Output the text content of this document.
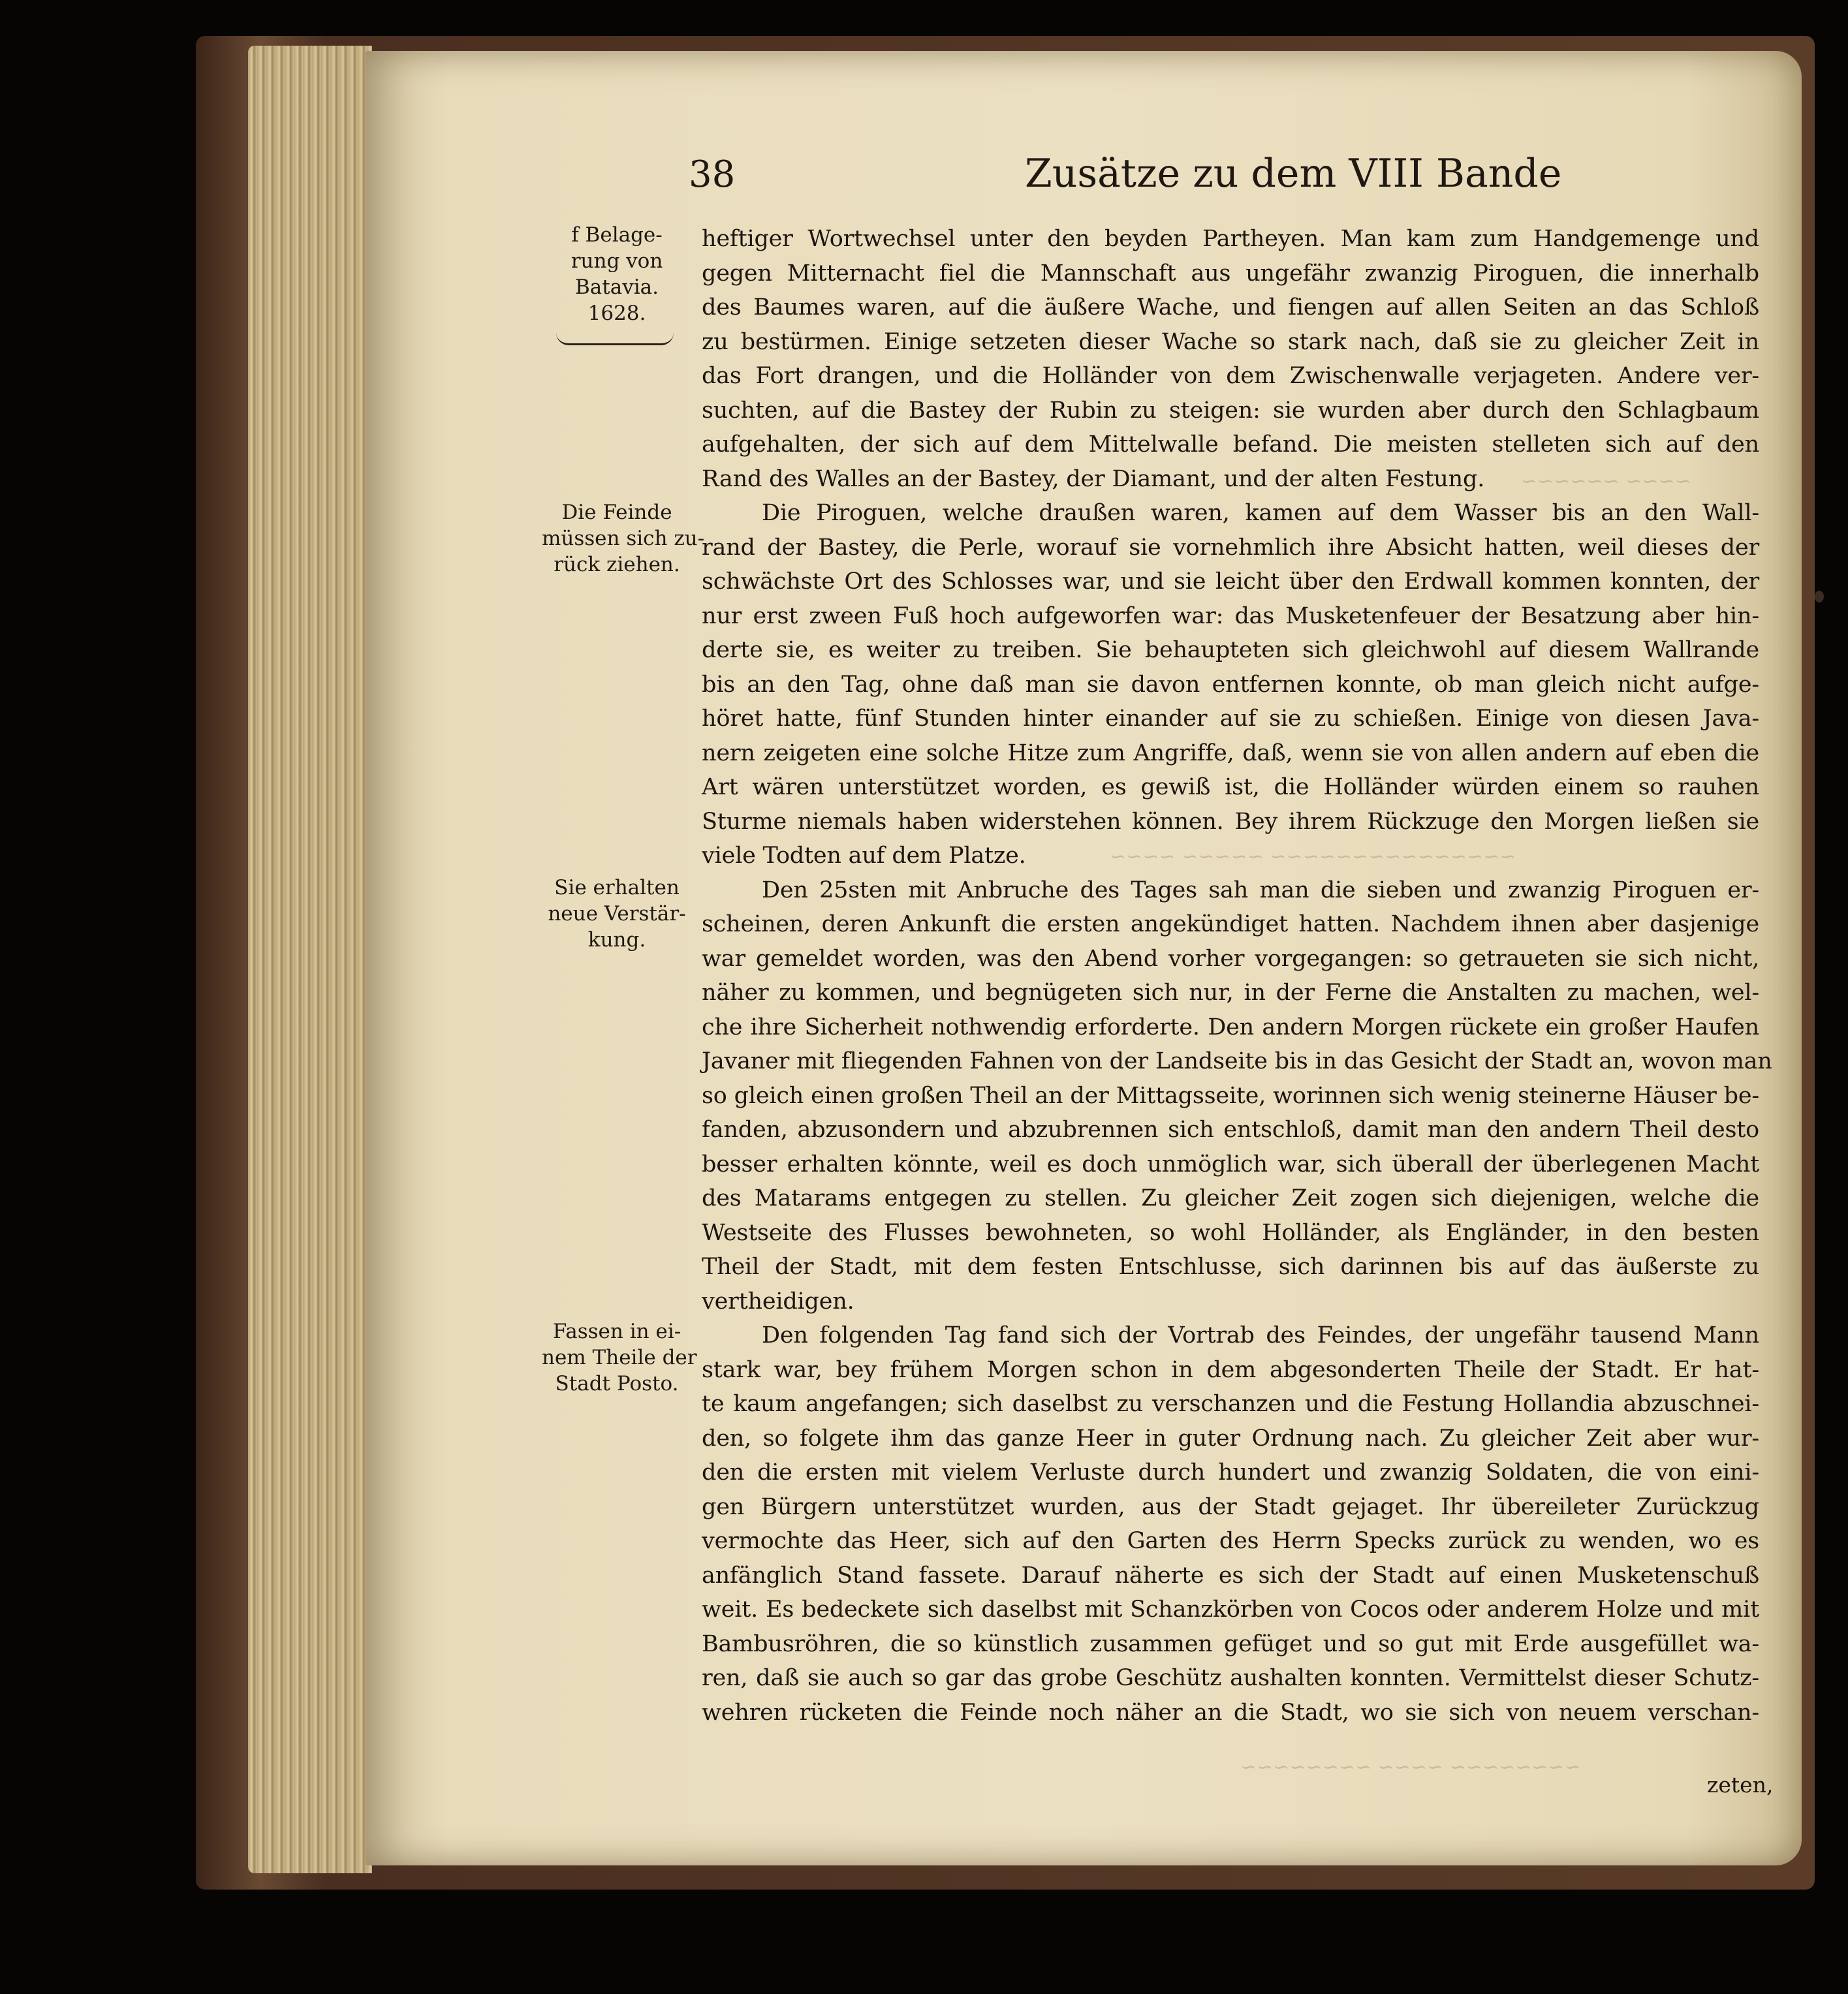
~~~~ ~~~~~~
~~~~~~~~~~~~~~~ ~~~~~ ~~~~
~~~~~~~~ ~~~~ ~~~~~~~~
38	Zusätze zu dem VIII Bande
f Belage-
rung von
Batavia.
1628.
Die Feinde
müssen sich zu-
rück ziehen.
Sie erhalten
neue Verstär-
kung.
Fassen in ei-
nem Theile der
Stadt Posto.
heftiger Wortwechsel unter den beyden Partheyen. Man kam zum Handgemenge und
gegen Mitternacht fiel die Mannschaft aus ungefähr zwanzig Piroguen, die innerhalb
des Baumes waren, auf die äußere Wache, und fiengen auf allen Seiten an das Schloß
zu bestürmen. Einige setzeten dieser Wache so stark nach, daß sie zu gleicher Zeit in
das Fort drangen, und die Holländer von dem Zwischenwalle verjageten. Andere ver-
suchten, auf die Bastey der Rubin zu steigen: sie wurden aber durch den Schlagbaum
aufgehalten, der sich auf dem Mittelwalle befand. Die meisten stelleten sich auf den
Rand des Walles an der Bastey, der Diamant, und der alten Festung.
Die Piroguen, welche draußen waren, kamen auf dem Wasser bis an den Wall-
rand der Bastey, die Perle, worauf sie vornehmlich ihre Absicht hatten, weil dieses der
schwächste Ort des Schlosses war, und sie leicht über den Erdwall kommen konnten, der
nur erst zween Fuß hoch aufgeworfen war: das Musketenfeuer der Besatzung aber hin-
derte sie, es weiter zu treiben. Sie behaupteten sich gleichwohl auf diesem Wallrande
bis an den Tag, ohne daß man sie davon entfernen konnte, ob man gleich nicht aufge-
höret hatte, fünf Stunden hinter einander auf sie zu schießen. Einige von diesen Java-
nern zeigeten eine solche Hitze zum Angriffe, daß, wenn sie von allen andern auf eben die
Art wären unterstützet worden, es gewiß ist, die Holländer würden einem so rauhen
Sturme niemals haben widerstehen können. Bey ihrem Rückzuge den Morgen ließen sie
viele Todten auf dem Platze.
Den 25sten mit Anbruche des Tages sah man die sieben und zwanzig Piroguen er-
scheinen, deren Ankunft die ersten angekündiget hatten. Nachdem ihnen aber dasjenige
war gemeldet worden, was den Abend vorher vorgegangen: so getraueten sie sich nicht,
näher zu kommen, und begnügeten sich nur, in der Ferne die Anstalten zu machen, wel-
che ihre Sicherheit nothwendig erforderte. Den andern Morgen rückete ein großer Haufen
Javaner mit fliegenden Fahnen von der Landseite bis in das Gesicht der Stadt an, wovon man
so gleich einen großen Theil an der Mittagsseite, worinnen sich wenig steinerne Häuser be-
fanden, abzusondern und abzubrennen sich entschloß, damit man den andern Theil desto
besser erhalten könnte, weil es doch unmöglich war, sich überall der überlegenen Macht
des Matarams entgegen zu stellen. Zu gleicher Zeit zogen sich diejenigen, welche die
Westseite des Flusses bewohneten, so wohl Holländer, als Engländer, in den besten
Theil der Stadt, mit dem festen Entschlusse, sich darinnen bis auf das äußerste zu
vertheidigen.
Den folgenden Tag fand sich der Vortrab des Feindes, der ungefähr tausend Mann
stark war, bey frühem Morgen schon in dem abgesonderten Theile der Stadt. Er hat-
te kaum angefangen; sich daselbst zu verschanzen und die Festung Hollandia abzuschnei-
den, so folgete ihm das ganze Heer in guter Ordnung nach. Zu gleicher Zeit aber wur-
den die ersten mit vielem Verluste durch hundert und zwanzig Soldaten, die von eini-
gen Bürgern unterstützet wurden, aus der Stadt gejaget. Ihr übereileter Zurückzug
vermochte das Heer, sich auf den Garten des Herrn Specks zurück zu wenden, wo es
anfänglich Stand fassete. Darauf näherte es sich der Stadt auf einen Musketenschuß
weit. Es bedeckete sich daselbst mit Schanzkörben von Cocos oder anderem Holze und mit
Bambusröhren, die so künstlich zusammen gefüget und so gut mit Erde ausgefüllet wa-
ren, daß sie auch so gar das grobe Geschütz aushalten konnten. Vermittelst dieser Schutz-
wehren rücketen die Feinde noch näher an die Stadt, wo sie sich von neuem verschan-
zeten,
